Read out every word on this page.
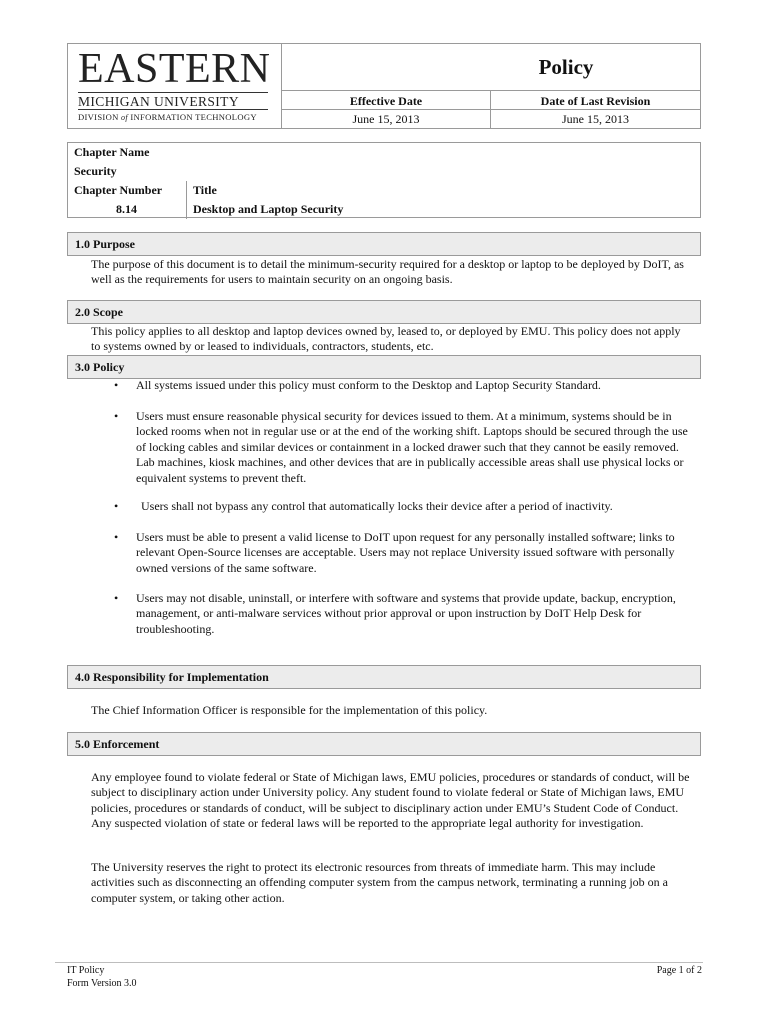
EASTERN
MICHIGAN UNIVERSITY
DIVISION of INFORMATION TECHNOLOGY
Policy
Effective Date
June 15, 2013
Date of Last Revision
June 15, 2013
Chapter Name
Security
Chapter Number	Title
8.14	Desktop and Laptop Security
1.0 Purpose
The purpose of this document is to detail the minimum-security required for a desktop or laptop to be deployed by DoIT, as well as the requirements for users to maintain security on an ongoing basis.
2.0 Scope
This policy applies to all desktop and laptop devices owned by, leased to, or deployed by EMU. This policy does not apply to systems owned by or leased to individuals, contractors, students, etc.
3.0 Policy
• All systems issued under this policy must conform to the Desktop and Laptop Security Standard.
• Users must ensure reasonable physical security for devices issued to them. At a minimum, systems should be in locked rooms when not in regular use or at the end of the working shift. Laptops should be secured through the use of locking cables and similar devices or containment in a locked drawer such that they cannot be easily removed. Lab machines, kiosk machines, and other devices that are in publically accessible areas shall use physical locks or equivalent systems to prevent theft.
• Users shall not bypass any control that automatically locks their device after a period of inactivity.
• Users must be able to present a valid license to DoIT upon request for any personally installed software; links to relevant Open-Source licenses are acceptable. Users may not replace University issued software with personally owned versions of the same software.
• Users may not disable, uninstall, or interfere with software and systems that provide update, backup, encryption, management, or anti-malware services without prior approval or upon instruction by DoIT Help Desk for troubleshooting.
4.0 Responsibility for Implementation
The Chief Information Officer is responsible for the implementation of this policy.
5.0 Enforcement
Any employee found to violate federal or State of Michigan laws, EMU policies, procedures or standards of conduct, will be subject to disciplinary action under University policy. Any student found to violate federal or State of Michigan laws, EMU policies, procedures or standards of conduct, will be subject to disciplinary action under EMU’s Student Code of Conduct. Any suspected violation of state or federal laws will be reported to the appropriate legal authority for investigation.
The University reserves the right to protect its electronic resources from threats of immediate harm. This may include activities such as disconnecting an offending computer system from the campus network, terminating a running job on a computer system, or taking other action.
IT Policy
Form Version 3.0
Page 1 of 2
